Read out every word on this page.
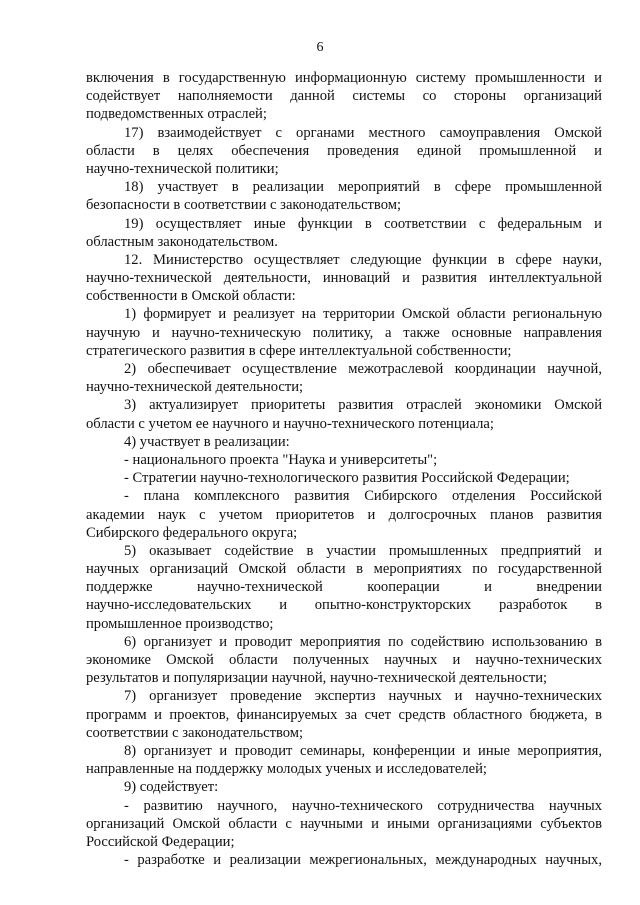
6
включения в государственную информационную систему промышленности и
содействует наполняемости данной системы со стороны организаций
подведомственных отраслей;
17) взаимодействует с органами местного самоуправления Омской
области в целях обеспечения проведения единой промышленной и
научно-технической политики;
18) участвует в реализации мероприятий в сфере промышленной
безопасности в соответствии с законодательством;
19) осуществляет иные функции в соответствии с федеральным и
областным законодательством.
12. Министерство осуществляет следующие функции в сфере науки,
научно-технической деятельности, инноваций и развития интеллектуальной
собственности в Омской области:
1) формирует и реализует на территории Омской области региональную
научную и научно-техническую политику, а также основные направления
стратегического развития в сфере интеллектуальной собственности;
2) обеспечивает осуществление межотраслевой координации научной,
научно-технической деятельности;
3) актуализирует приоритеты развития отраслей экономики Омской
области с учетом ее научного и научно-технического потенциала;
4) участвует в реализации:
- национального проекта "Наука и университеты";
- Стратегии научно-технологического развития Российской Федерации;
- плана комплексного развития Сибирского отделения Российской
академии наук с учетом приоритетов и долгосрочных планов развития
Сибирского федерального округа;
5) оказывает содействие в участии промышленных предприятий и
научных организаций Омской области в мероприятиях по государственной
поддержке научно-технической кооперации и внедрении
научно-исследовательских и опытно-конструкторских разработок в
промышленное производство;
6) организует и проводит мероприятия по содействию использованию в
экономике Омской области полученных научных и научно-технических
результатов и популяризации научной, научно-технической деятельности;
7) организует проведение экспертиз научных и научно-технических
программ и проектов, финансируемых за счет средств областного бюджета, в
соответствии с законодательством;
8) организует и проводит семинары, конференции и иные мероприятия,
направленные на поддержку молодых ученых и исследователей;
9) содействует:
- развитию научного, научно-технического сотрудничества научных
организаций Омской области с научными и иными организациями субъектов
Российской Федерации;
- разработке и реализации межрегиональных, международных научных,
